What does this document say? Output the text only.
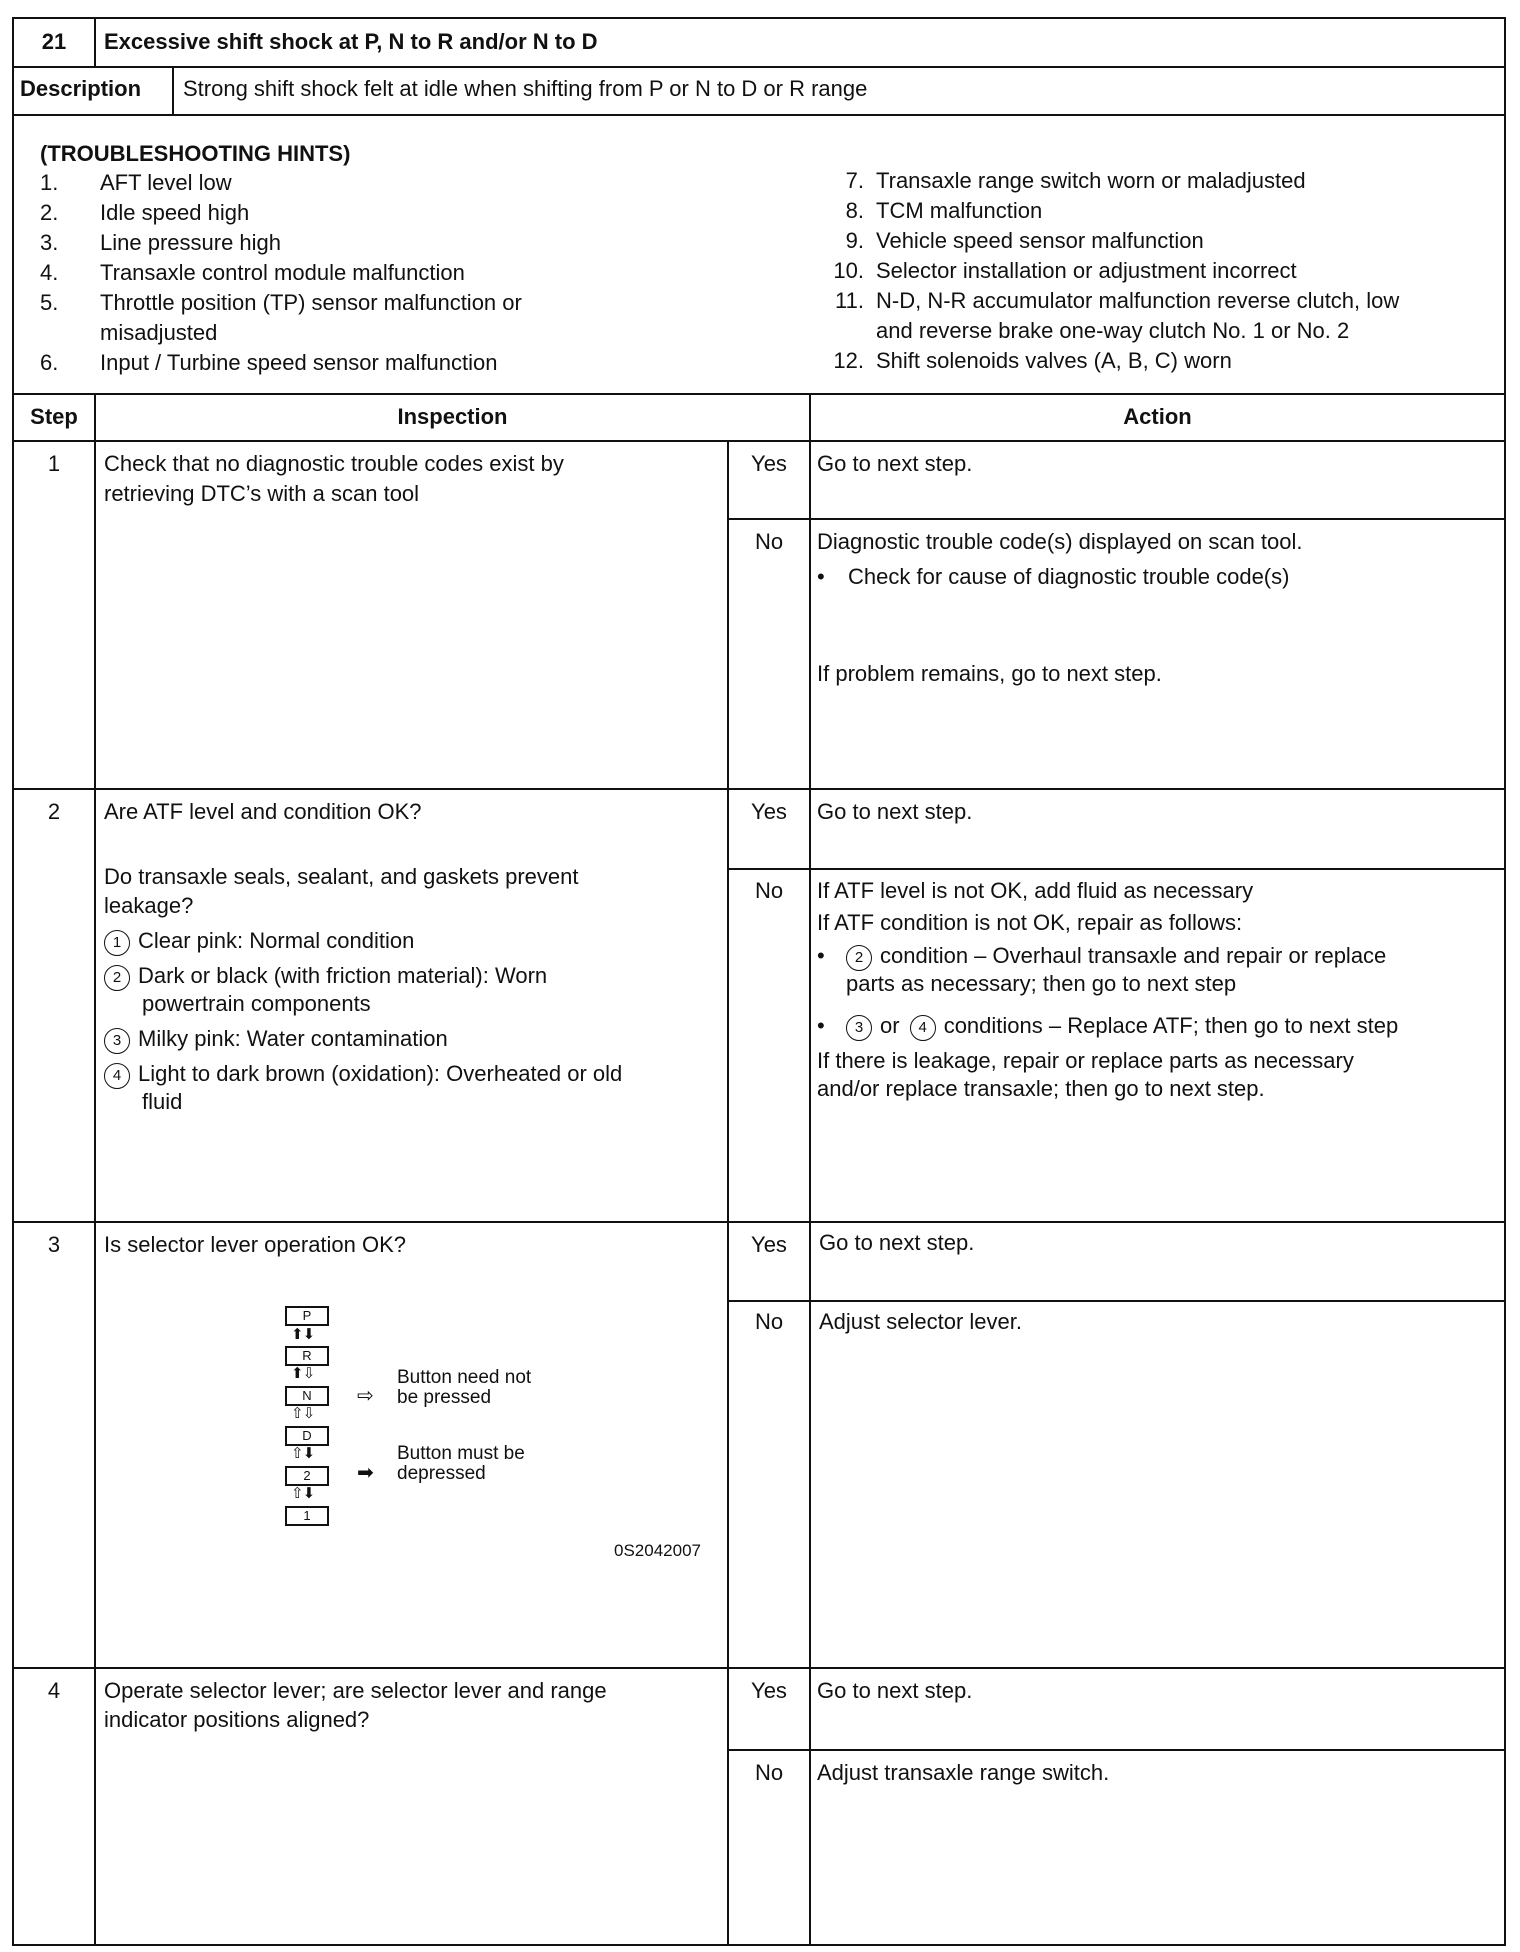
21	Excessive shift shock at P, N to R and/or N to D
Description Strong shift shock felt at idle when shifting from P or N to D or R range
(TROUBLESHOOTING HINTS)
1. AFT level low
2. Idle speed high
3. Line pressure high
4. Transaxle control module malfunction
5. Throttle position (TP) sensor malfunction or
misadjusted
6. Input / Turbine speed sensor malfunction
7. Transaxle range switch worn or maladjusted
8. TCM malfunction
9. Vehicle speed sensor malfunction
10. Selector installation or adjustment incorrect
11. N-D, N-R accumulator malfunction reverse clutch, low
and reverse brake one-way clutch No. 1 or No. 2
12. Shift solenoids valves (A, B, C) worn
Step	Inspection	Action
1	Check that no diagnostic trouble codes exist by
retrieving DTC’s with a scan tool
Yes	Go to next step.
No	Diagnostic trouble code(s) displayed on scan tool.
• Check for cause of diagnostic trouble code(s)
If problem remains, go to next step.
2	Are ATF level and condition OK?
Do transaxle seals, sealant, and gaskets prevent
leakage?
1 Clear pink: Normal condition
2 Dark or black (with friction material): Worn
powertrain components
3 Milky pink: Water contamination
4 Light to dark brown (oxidation): Overheated or old
fluid
Yes	Go to next step.
No	If ATF level is not OK, add fluid as necessary
If ATF condition is not OK, repair as follows:
•	2 condition – Overhaul transaxle and repair or replace
parts as necessary; then go to next step
•	3 or 4 conditions – Replace ATF; then go to next step
If there is leakage, repair or replace parts as necessary
and/or replace transaxle; then go to next step.
3	Is selector lever operation OK?
P
⬆⬇
R
⬆⇩
N
⇧⇩
D
⇧⬇
2
⇧⬇
1
⇨
Button need not
be pressed
➡
Button must be
depressed
0S2042007
Yes	Go to next step.
No	Adjust selector lever.
4	Operate selector lever; are selector lever and range
indicator positions aligned?
Yes	Go to next step.
No	Adjust transaxle range switch.
